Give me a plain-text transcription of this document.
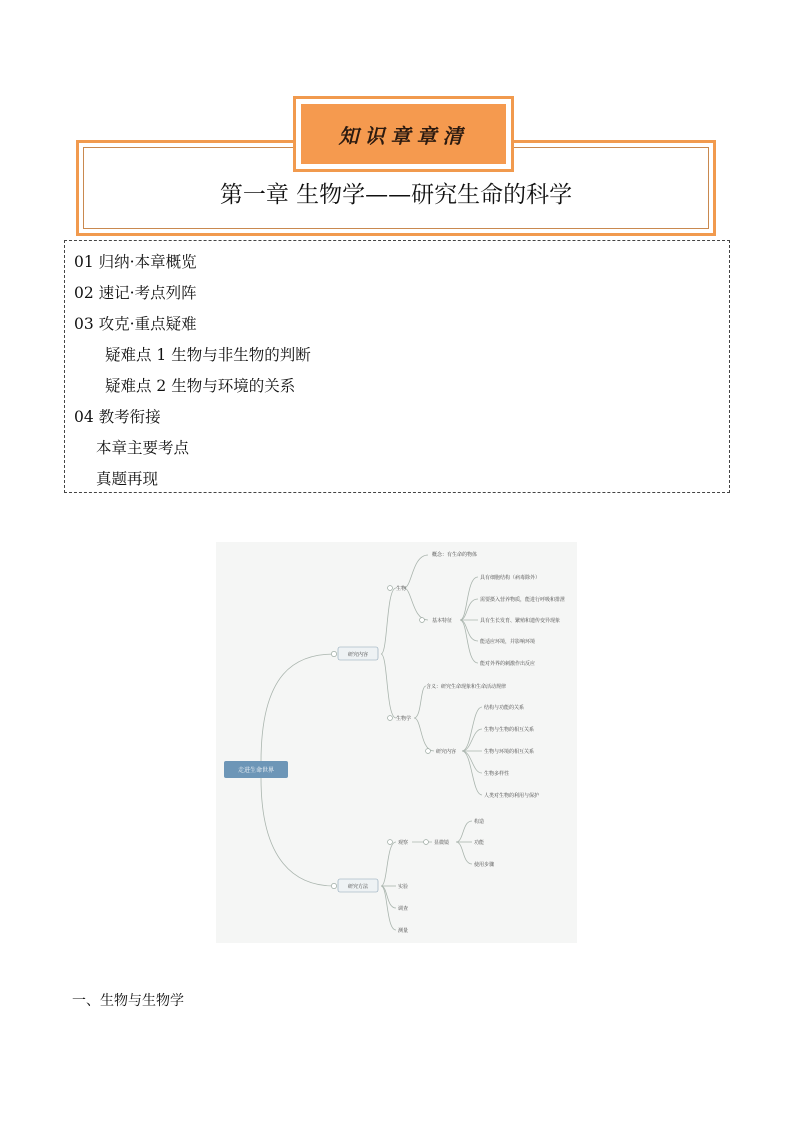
知识章章清
第一章 生物学——研究生命的科学
01 归纳·本章概览
02 速记·考点列阵
03 攻克·重点疑难
疑难点 1 生物与非生物的判断
疑难点 2 生物与环境的关系
04 教考衔接
本章主要考点
真题再现
走进生命世界
研究内容
研究方法
生物
生物学
概念：有生命的物体
基本特征
具有细胞结构（病毒除外）
需要摄入营养物质，能进行呼吸和排泄
具有生长发育、繁殖和遗传变异现象
能适应环境，并影响环境
能对外界的刺激作出反应
含义：研究生命现象和生命活动规律
研究内容
结构与功能的关系
生物与生物的相互关系
生物与环境的相互关系
生物多样性
人类对生物的利用与保护
观察	显微镜
构造
功能
使用步骤
实验
调查
测量
一、生物与生物学
